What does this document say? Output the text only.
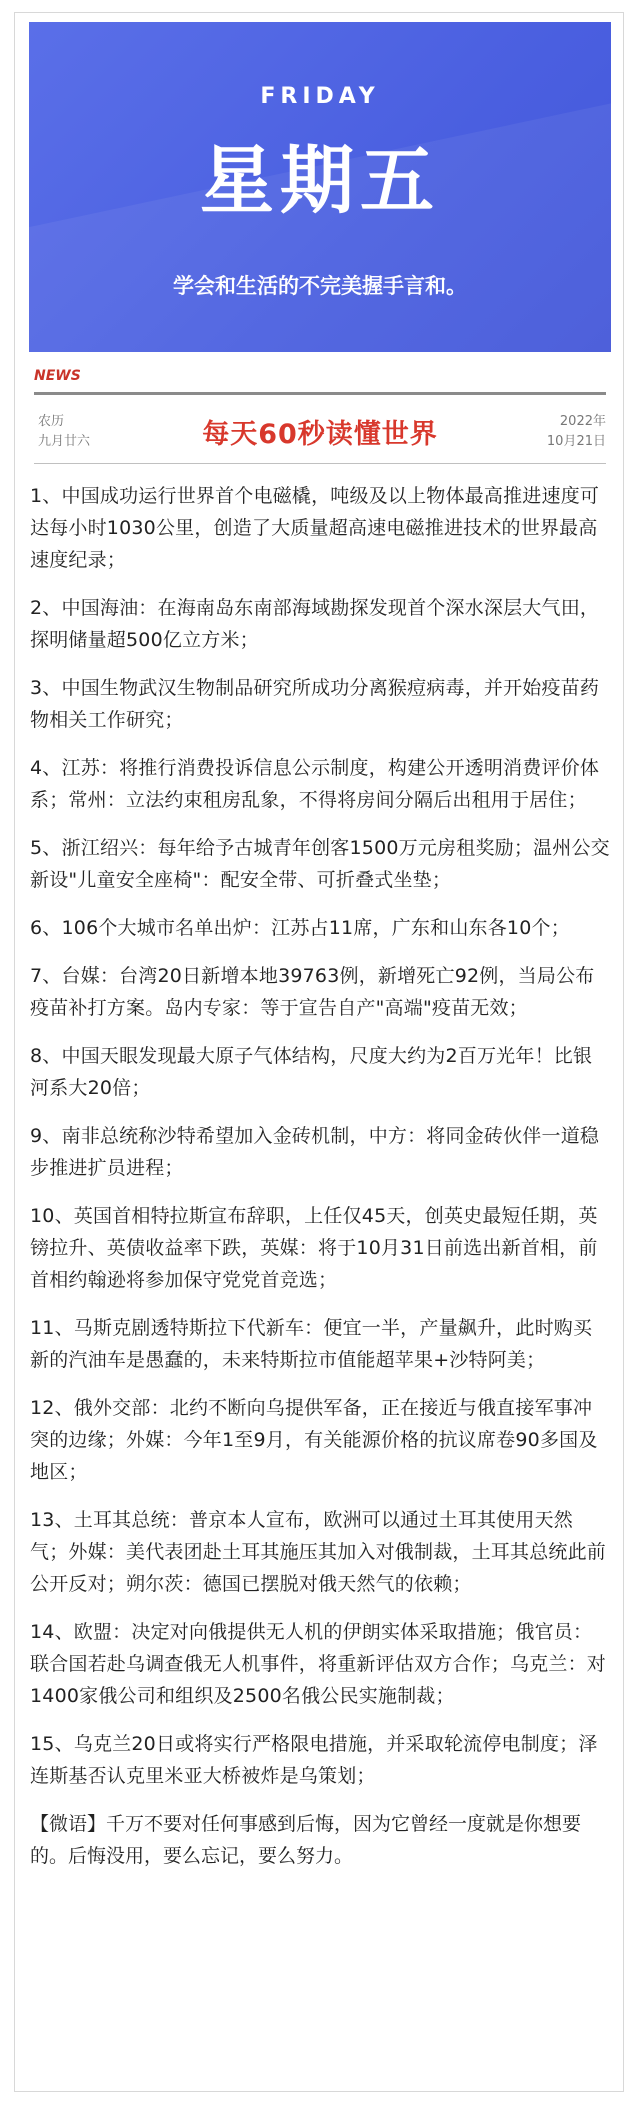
FRIDAY
星期五
学会和生活的不完美握手言和。
NEWS
农历
九月廿六	每天60秒读懂世界	2022年
10月21日
1、中国成功运行世界首个电磁橇，吨级及以上物体最高推进速度可达每小时1030公里，创造了大质量超高速电磁推进技术的世界最高速度纪录；
2、中国海油：在海南岛东南部海域勘探发现首个深水深层大气田，探明储量超500亿立方米；
3、中国生物武汉生物制品研究所成功分离猴痘病毒，并开始疫苗药物相关工作研究；
4、江苏：将推行消费投诉信息公示制度，构建公开透明消费评价体系；常州：立法约束租房乱象，不得将房间分隔后出租用于居住；
5、浙江绍兴：每年给予古城青年创客1500万元房租奖励；温州公交新设"儿童安全座椅"：配安全带、可折叠式坐垫；
6、106个大城市名单出炉：江苏占11席，广东和山东各10个；
7、台媒：台湾20日新增本地39763例，新增死亡92例，当局公布疫苗补打方案。岛内专家：等于宣告自产"高端"疫苗无效；
8、中国天眼发现最大原子气体结构，尺度大约为2百万光年！比银河系大20倍；
9、南非总统称沙特希望加入金砖机制，中方：将同金砖伙伴一道稳步推进扩员进程；
10、英国首相特拉斯宣布辞职，上任仅45天，创英史最短任期，英镑拉升、英债收益率下跌，英媒：将于10月31日前选出新首相，前首相约翰逊将参加保守党党首竞选；
11、马斯克剧透特斯拉下代新车：便宜一半，产量飙升，此时购买新的汽油车是愚蠢的，未来特斯拉市值能超苹果+沙特阿美；
12、俄外交部：北约不断向乌提供军备，正在接近与俄直接军事冲突的边缘；外媒：今年1至9月，有关能源价格的抗议席卷90多国及地区；
13、土耳其总统：普京本人宣布，欧洲可以通过土耳其使用天然气；外媒：美代表团赴土耳其施压其加入对俄制裁，土耳其总统此前公开反对；朔尔茨：德国已摆脱对俄天然气的依赖；
14、欧盟：决定对向俄提供无人机的伊朗实体采取措施；俄官员：联合国若赴乌调查俄无人机事件，将重新评估双方合作；乌克兰：对1400家俄公司和组织及2500名俄公民实施制裁；
15、乌克兰20日或将实行严格限电措施，并采取轮流停电制度；泽连斯基否认克里米亚大桥被炸是乌策划；
【微语】千万不要对任何事感到后悔，因为它曾经一度就是你想要的。后悔没用，要么忘记，要么努力。
